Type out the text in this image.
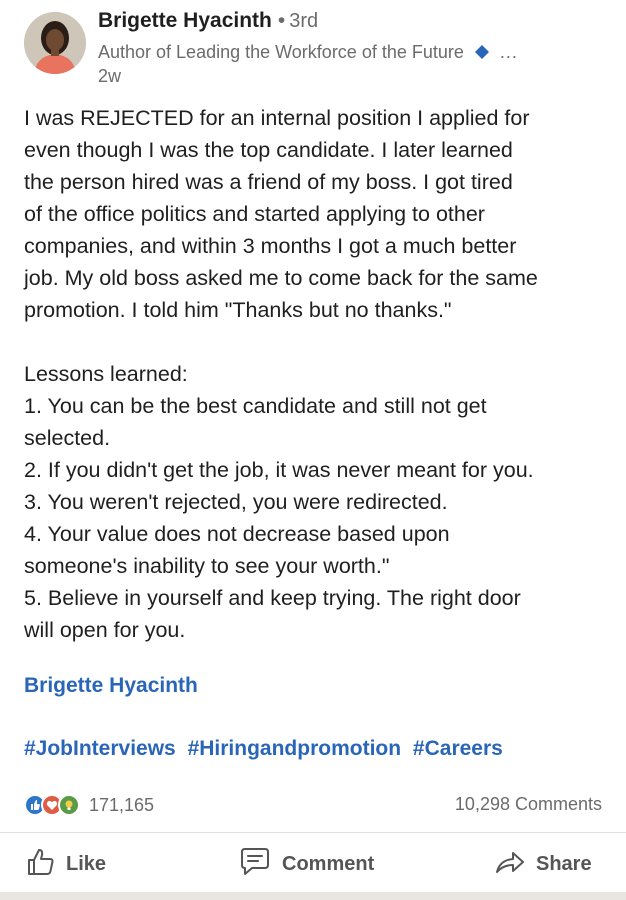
Brigette Hyacinth • 3rd
Author of Leading the Workforce of the Future ...
2w

I was REJECTED for an internal position I applied for

even though I was the top candidate. I later learned

the person hired was a friend of my boss. I got tired

of the office politics and started applying to other

companies, and within 3 months I got a much better

job. My old boss asked me to come back for the same

promotion. I told him "Thanks but no thanks."

Lessons learned:

1. You can be the best candidate and still not get

selected.

2. If you didn't get the job, it was never meant for you.

3. You weren't rejected, you were redirected.

4. Your value does not decrease based upon

someone's inability to see your worth."

5. Believe in yourself and keep trying. The right door

will open for you.

Brigette Hyacinth
#JobInterviews #Hiringandpromotion #Careers
171,165	10,298 Comments
Like	Comment	Share
